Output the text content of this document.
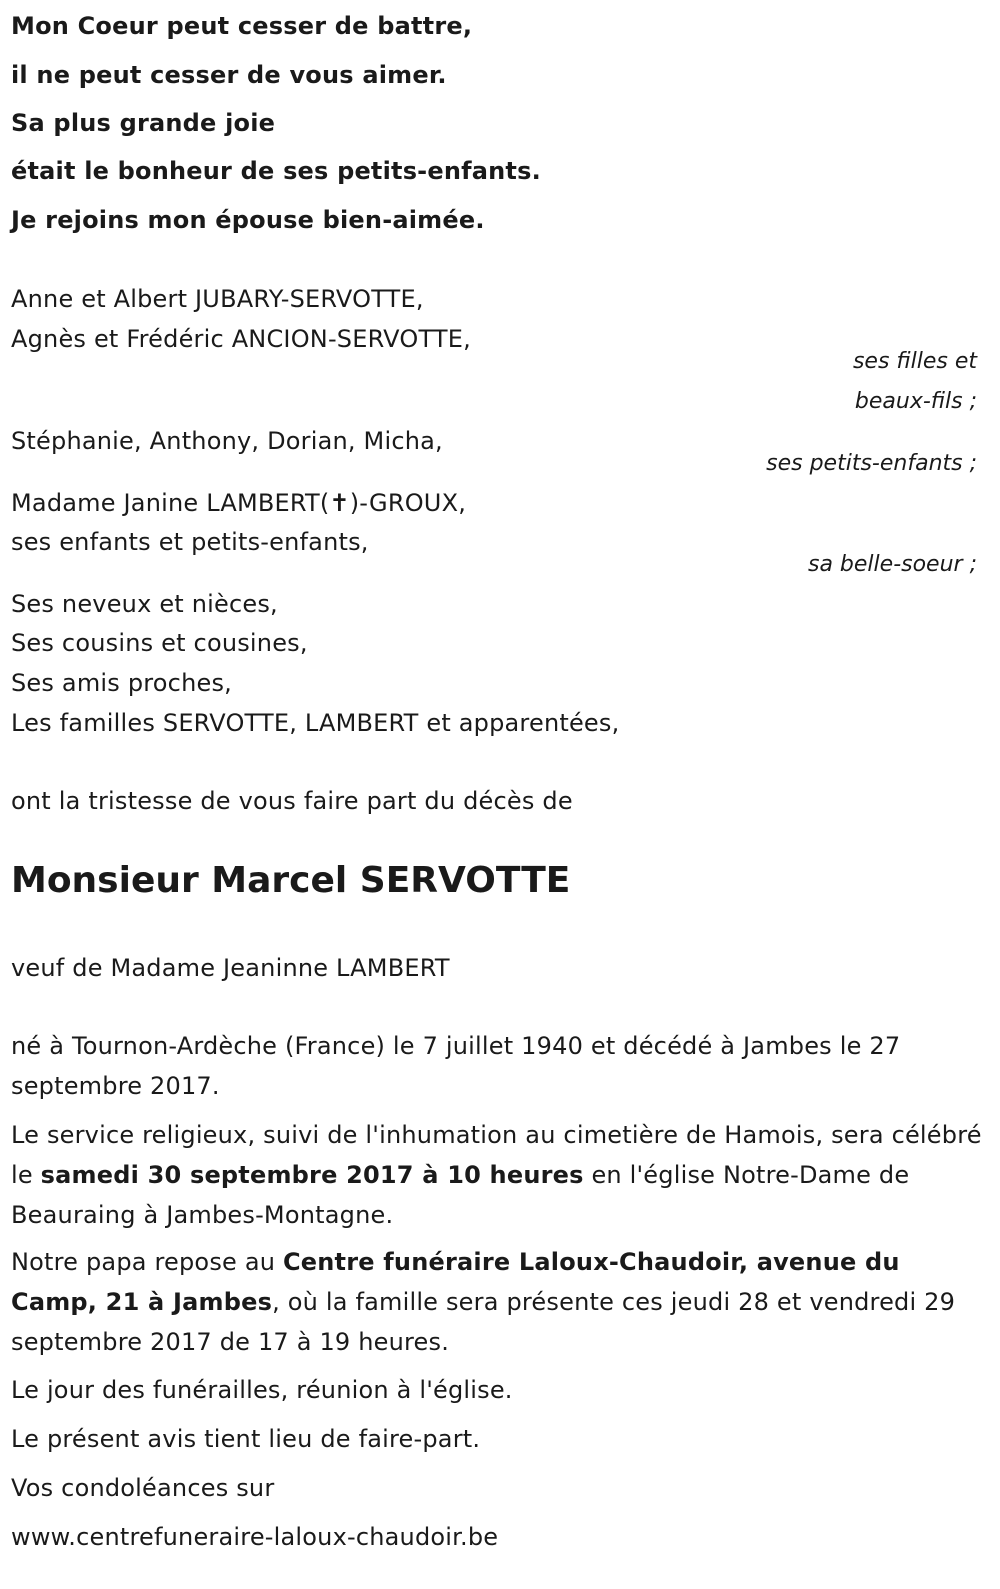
Mon Coeur peut cesser de battre,
il ne peut cesser de vous aimer.
Sa plus grande joie
était le bonheur de ses petits-enfants.
Je rejoins mon épouse bien-aimée.
Anne et Albert JUBARY-SERVOTTE,
Agnès et Frédéric ANCION-SERVOTTE,
ses filles et
beaux-fils ;
Stéphanie, Anthony, Dorian, Micha,
ses petits-enfants ;
Madame Janine LAMBERT(✝)-GROUX,
ses enfants et petits-enfants,
sa belle-soeur ;
Ses neveux et nièces,
Ses cousins et cousines,
Ses amis proches,
Les familles SERVOTTE, LAMBERT et apparentées,
ont la tristesse de vous faire part du décès de
Monsieur Marcel SERVOTTE
veuf de Madame Jeaninne LAMBERT
né à Tournon-Ardèche (France) le 7 juillet 1940 et décédé à Jambes le 27 septembre 2017.
Le service religieux, suivi de l'inhumation au cimetière de Hamois, sera célébré le samedi 30 septembre 2017 à 10 heures en l'église Notre-Dame de Beauraing à Jambes-Montagne.
Notre papa repose au Centre funéraire Laloux-Chaudoir, avenue du Camp, 21 à Jambes, où la famille sera présente ces jeudi 28 et vendredi 29 septembre 2017 de 17 à 19 heures.
Le jour des funérailles, réunion à l'église.
Le présent avis tient lieu de faire-part.
Vos condoléances sur
www.centrefuneraire-laloux-chaudoir.be
